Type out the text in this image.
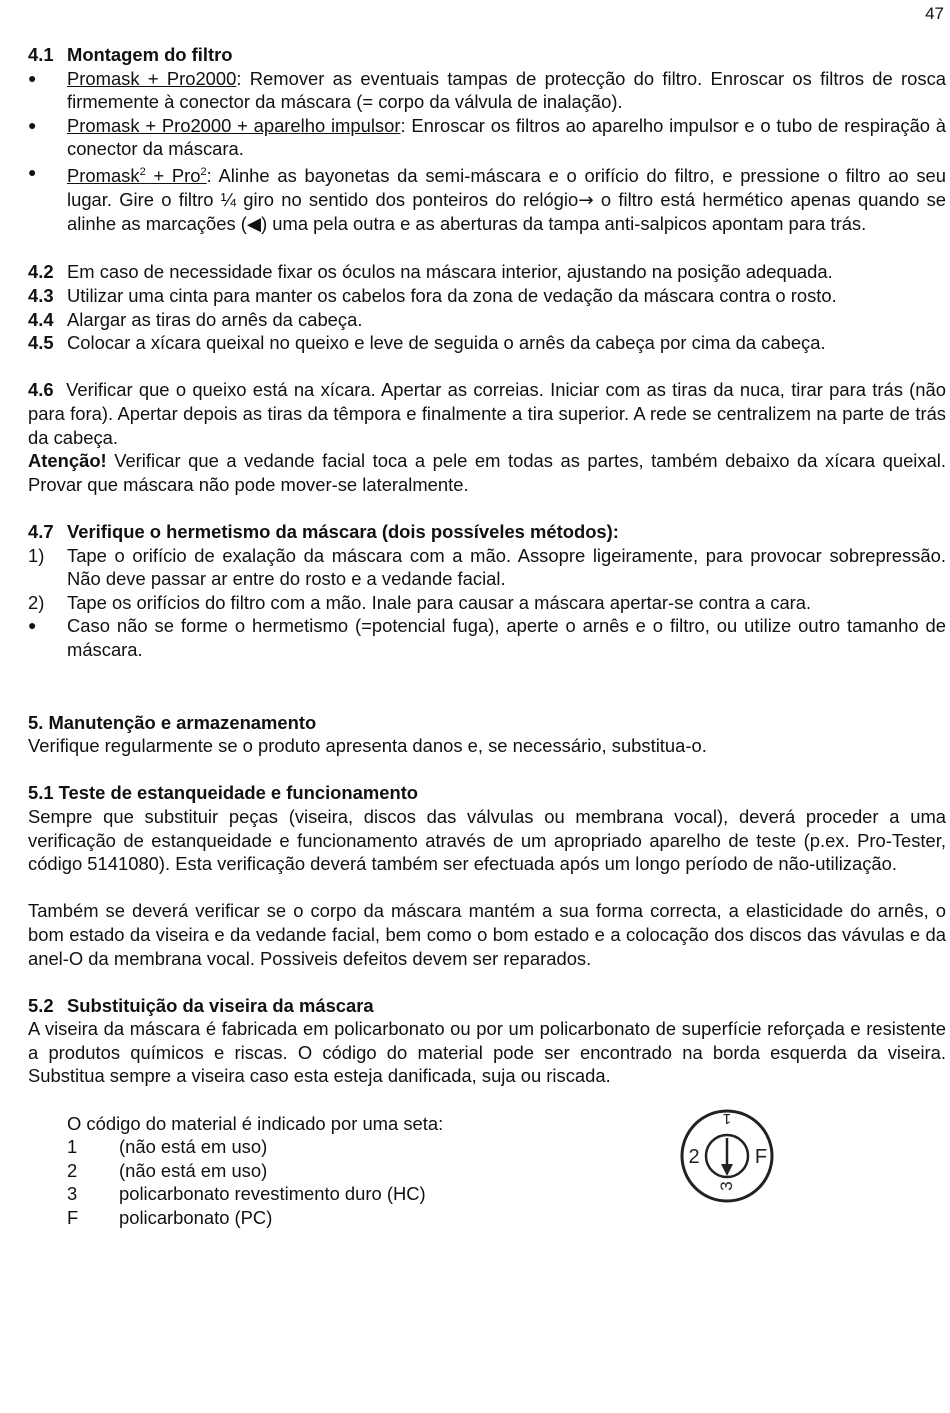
47
4.1 Montagem do filtro
●	Promask + Pro2000: Remover as eventuais tampas de protecção do filtro. Enroscar os filtros de rosca firmemente à conector da máscara (= corpo da válvula de inalação).

●	Promask + Pro2000 + aparelho impulsor: Enroscar os filtros ao aparelho impulsor e o tubo de respiração à conector da máscara.

●	Promask$^2$ + Pro$^2$: Alinhe as bayonetas da semi-máscara e o orifício do filtro, e pressione o filtro ao seu lugar. Gire o filtro ¼ giro no sentido dos ponteiros do relógio→ o filtro está hermético apenas quando se alinhe as marcações (◀) uma pela outra e as aberturas da tampa anti-salpicos apontam para trás.

4.2 Em caso de necessidade fixar os óculos na máscara interior, ajustando na posição adequada.

4.3 Utilizar uma cinta para manter os cabelos fora da zona de vedação da máscara contra o rosto.

4.4 Alargar as tiras do arnês da cabeça.

4.5 Colocar a xícara queixal no queixo e leve de seguida o arnês da cabeça por cima da cabeça.

4.6 Verificar que o queixo está na xícara. Apertar as correias. Iniciar com as tiras da nuca, tirar para trás (não para fora). Apertar depois as tiras da têmpora e finalmente a tira superior. A rede se centralizem na parte de trás da cabeça.

Atenção! Verificar que a vedande facial toca a pele em todas as partes, também debaixo da xícara queixal. Provar que máscara não pode mover-se lateralmente.

4.7 Verifique o hermetismo da máscara (dois possíveles métodos):
1)	Tape o orifício de exalação da máscara com a mão. Assopre ligeiramente, para provocar sobrepressão. Não deve passar ar entre do rosto e a vedande facial.

2)	Tape os orifícios do filtro com a mão. Inale para causar a máscara apertar-se contra a cara.

●	Caso não se forme o hermetismo (=potencial fuga), aperte o arnês e o filtro, ou utilize outro tamanho de máscara.

5. Manutenção e armazenamento

Verifique regularmente se o produto apresenta danos e, se necessário, substitua-o.

5.1 Teste de estanqueidade e funcionamento

Sempre que substituir peças (viseira, discos das válvulas ou membrana vocal), deverá proceder a uma verificação de estanqueidade e funcionamento através de um apropriado aparelho de teste (p.ex. Pro-Tester, código 5141080). Esta verificação deverá também ser efectuada após um longo período de não-utilização.

Também se deverá verificar se o corpo da máscara mantém a sua forma correcta, a elasticidade do arnês, o bom estado da viseira e da vedande facial, bem como o bom estado e a colocação dos discos das vávulas e da anel-O da membrana vocal. Possiveis defeitos devem ser reparados.

5.2 Substituição da viseira da máscara

A viseira da máscara é fabricada em policarbonato ou por um policarbonato de superfície reforçada e resistente a produtos químicos e riscas. O código do material pode ser encontrado na borda esquerda da viseira. Substitua sempre a viseira caso esta esteja danificada, suja ou riscada.

O código do material é indicado por uma seta:

1	(não está em uso)
2	(não está em uso)
3	policarbonato revestimento duro (HC)
F	policarbonato (PC)
1
2	F
3
